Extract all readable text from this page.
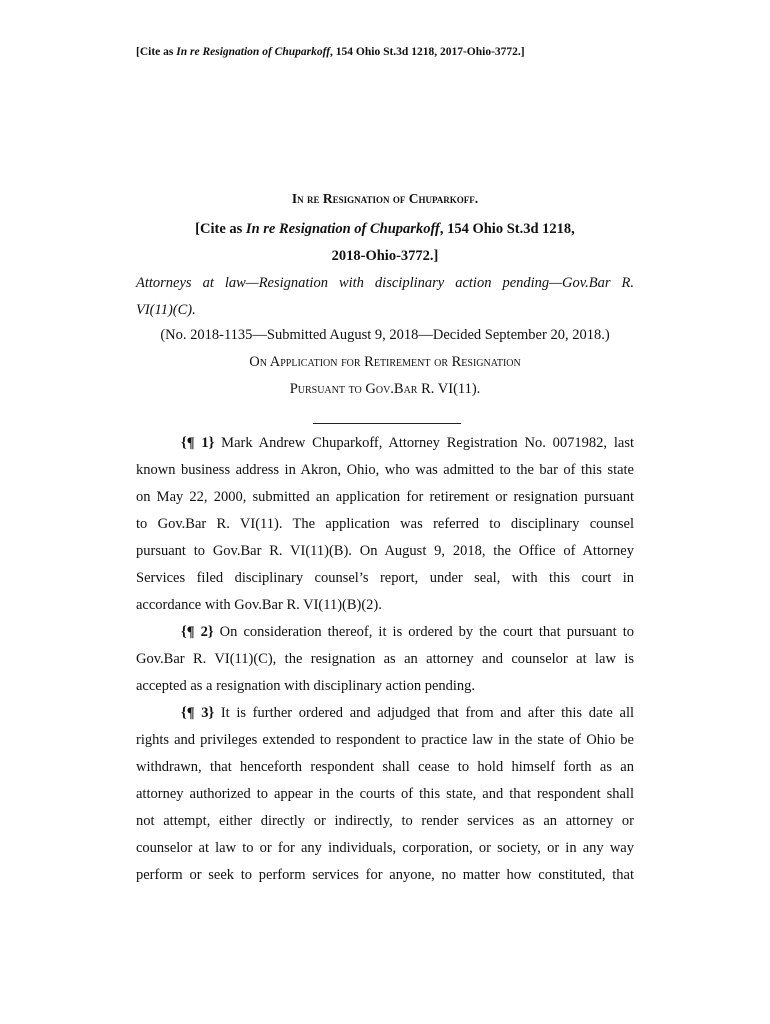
[Cite as In re Resignation of Chuparkoff, 154 Ohio St.3d 1218, 2017-Ohio-3772.]
In re Resignation of Chuparkoff.
[Cite as In re Resignation of Chuparkoff, 154 Ohio St.3d 1218,
2018-Ohio-3772.]
Attorneys at law—Resignation with disciplinary action pending—Gov.Bar R.
VI(11)(C).
(No. 2018-1135—Submitted August 9, 2018—Decided September 20, 2018.)
On Application for Retirement or Resignation
Pursuant to Gov.Bar R. VI(11).
{¶ 1} Mark Andrew Chuparkoff, Attorney Registration No. 0071982, last
known business address in Akron, Ohio, who was admitted to the bar of this state
on May 22, 2000, submitted an application for retirement or resignation pursuant
to Gov.Bar R. VI(11). The application was referred to disciplinary counsel
pursuant to Gov.Bar R. VI(11)(B). On August 9, 2018, the Office of Attorney
Services filed disciplinary counsel’s report, under seal, with this court in
accordance with Gov.Bar R. VI(11)(B)(2).
{¶ 2} On consideration thereof, it is ordered by the court that pursuant to
Gov.Bar R. VI(11)(C), the resignation as an attorney and counselor at law is
accepted as a resignation with disciplinary action pending.
{¶ 3} It is further ordered and adjudged that from and after this date all
rights and privileges extended to respondent to practice law in the state of Ohio be
withdrawn, that henceforth respondent shall cease to hold himself forth as an
attorney authorized to appear in the courts of this state, and that respondent shall
not attempt, either directly or indirectly, to render services as an attorney or
counselor at law to or for any individuals, corporation, or society, or in any way
perform or seek to perform services for anyone, no matter how constituted, that
